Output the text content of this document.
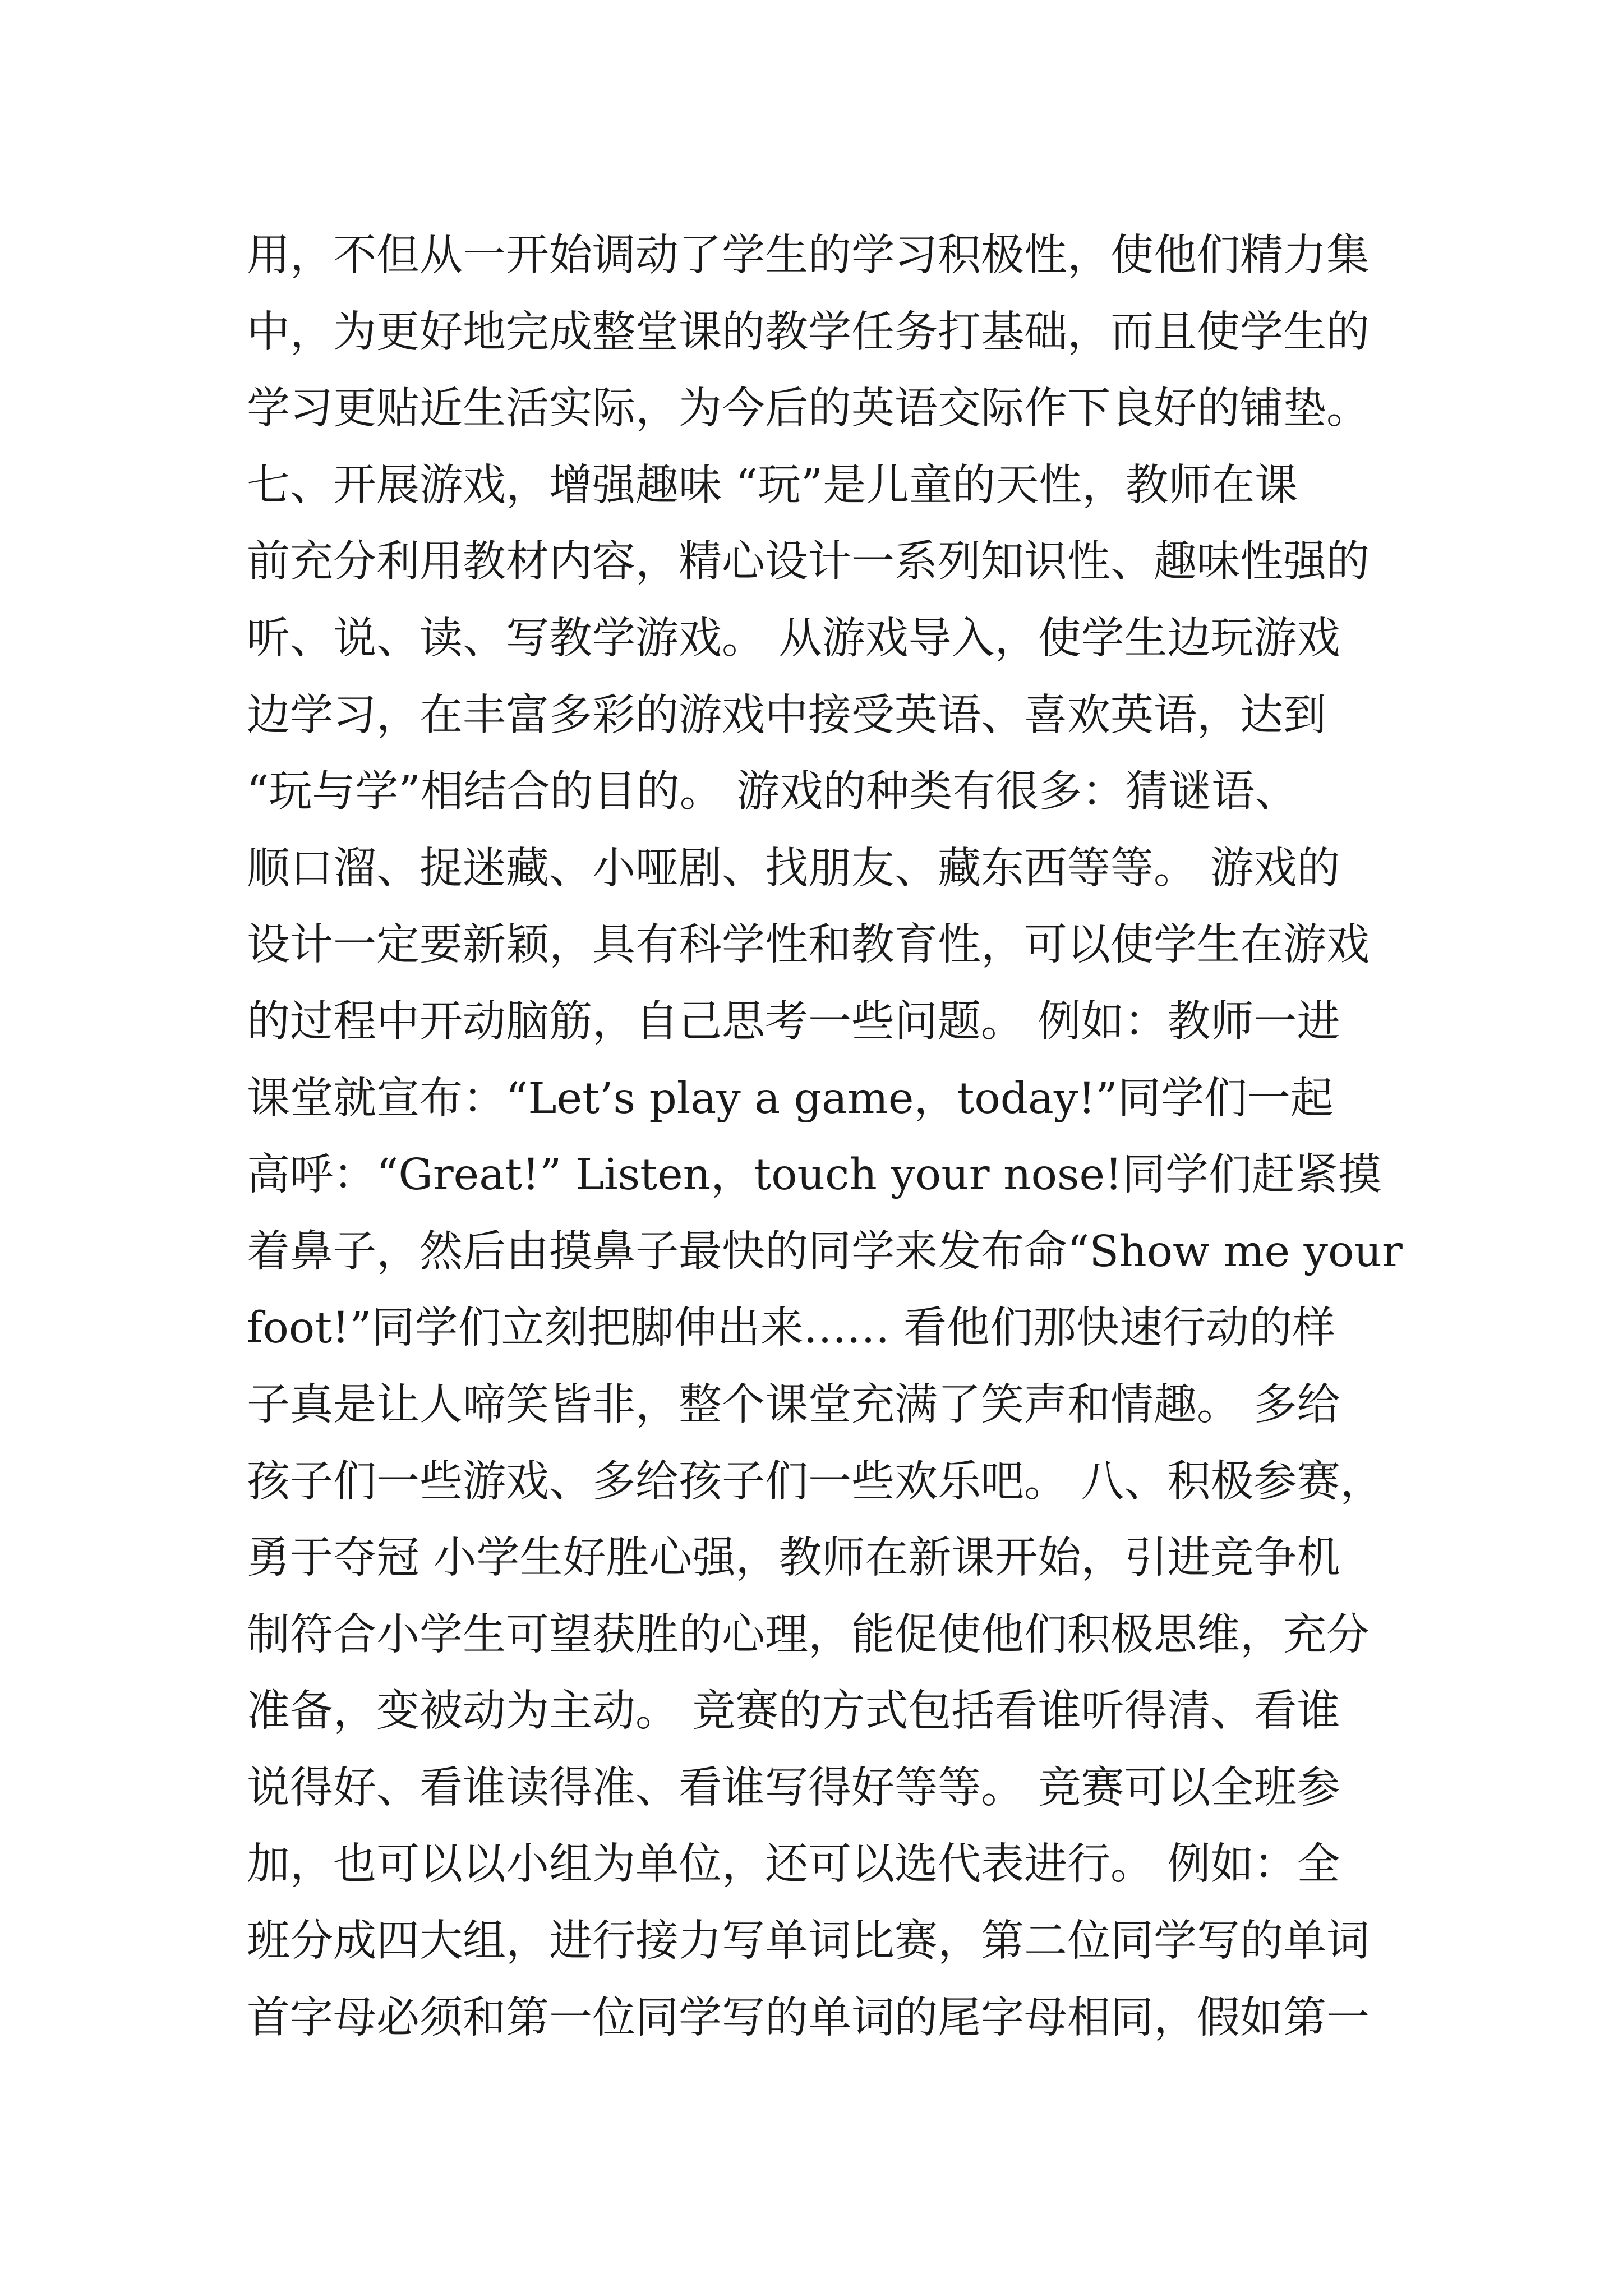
用，不但从一开始调动了学生的学习积极性，使他们精力集
中，为更好地完成整堂课的教学任务打基础，而且使学生的
学习更贴近生活实际，为今后的英语交际作下良好的铺垫。
七、开展游戏，增强趣味 “玩”是儿童的天性，教师在课
前充分利用教材内容，精心设计一系列知识性、趣味性强的
听、说、读、写教学游戏。 从游戏导入，使学生边玩游戏
边学习，在丰富多彩的游戏中接受英语、喜欢英语，达到
“玩与学”相结合的目的。 游戏的种类有很多：猜谜语、
顺口溜、捉迷藏、小哑剧、找朋友、藏东西等等。 游戏的
设计一定要新颖，具有科学性和教育性，可以使学生在游戏
的过程中开动脑筋，自己思考一些问题。 例如：教师一进
课堂就宣布：“Let’s play a game，today!”同学们一起
高呼：“Great!” Listen，touch your nose!同学们赶紧摸
着鼻子，然后由摸鼻子最快的同学来发布命“Show me your
foot!”同学们立刻把脚伸出来…… 看他们那快速行动的样
子真是让人啼笑皆非，整个课堂充满了笑声和情趣。 多给
孩子们一些游戏、多给孩子们一些欢乐吧。 八、积极参赛，
勇于夺冠 小学生好胜心强，教师在新课开始，引进竞争机
制符合小学生可望获胜的心理，能促使他们积极思维，充分
准备，变被动为主动。 竞赛的方式包括看谁听得清、看谁
说得好、看谁读得准、看谁写得好等等。 竞赛可以全班参
加，也可以以小组为单位，还可以选代表进行。 例如：全
班分成四大组，进行接力写单词比赛，第二位同学写的单词
首字母必须和第一位同学写的单词的尾字母相同，假如第一
